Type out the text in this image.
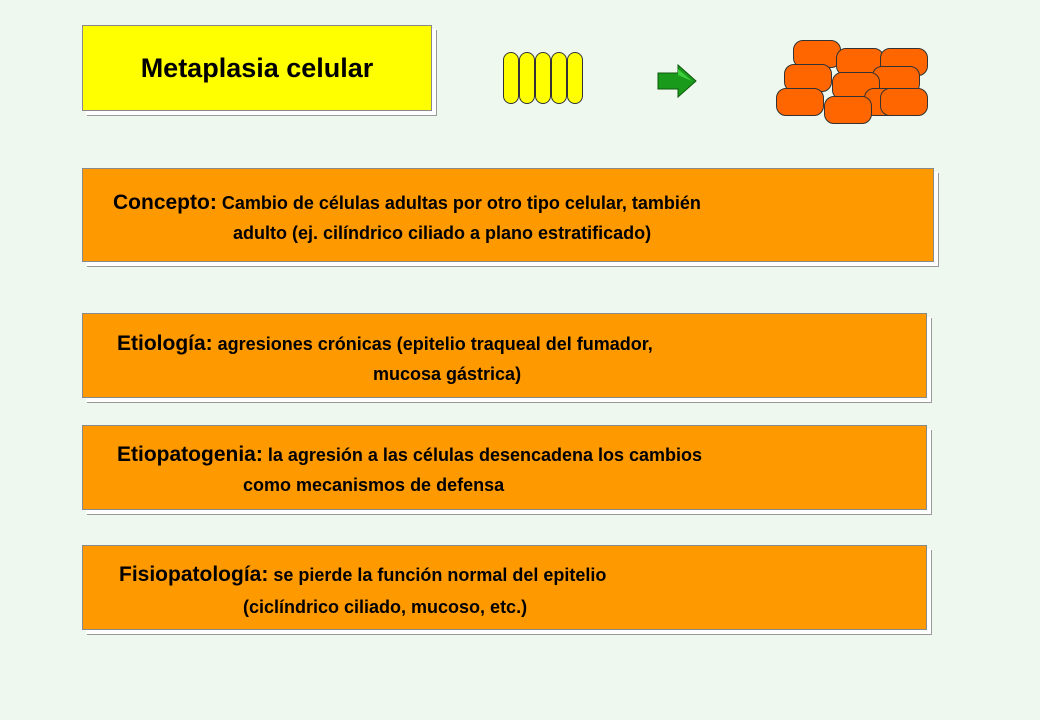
Metaplasia celular
Concepto: Cambio de células adultas por otro tipo celular, también
adulto (ej. cilíndrico ciliado a plano estratificado)
Etiología: agresiones crónicas (epitelio traqueal del fumador,
mucosa gástrica)
Etiopatogenia: la agresión a las células desencadena los cambios
como mecanismos de defensa
Fisiopatología: se pierde la función normal del epitelio
(ciclíndrico ciliado, mucoso, etc.)
